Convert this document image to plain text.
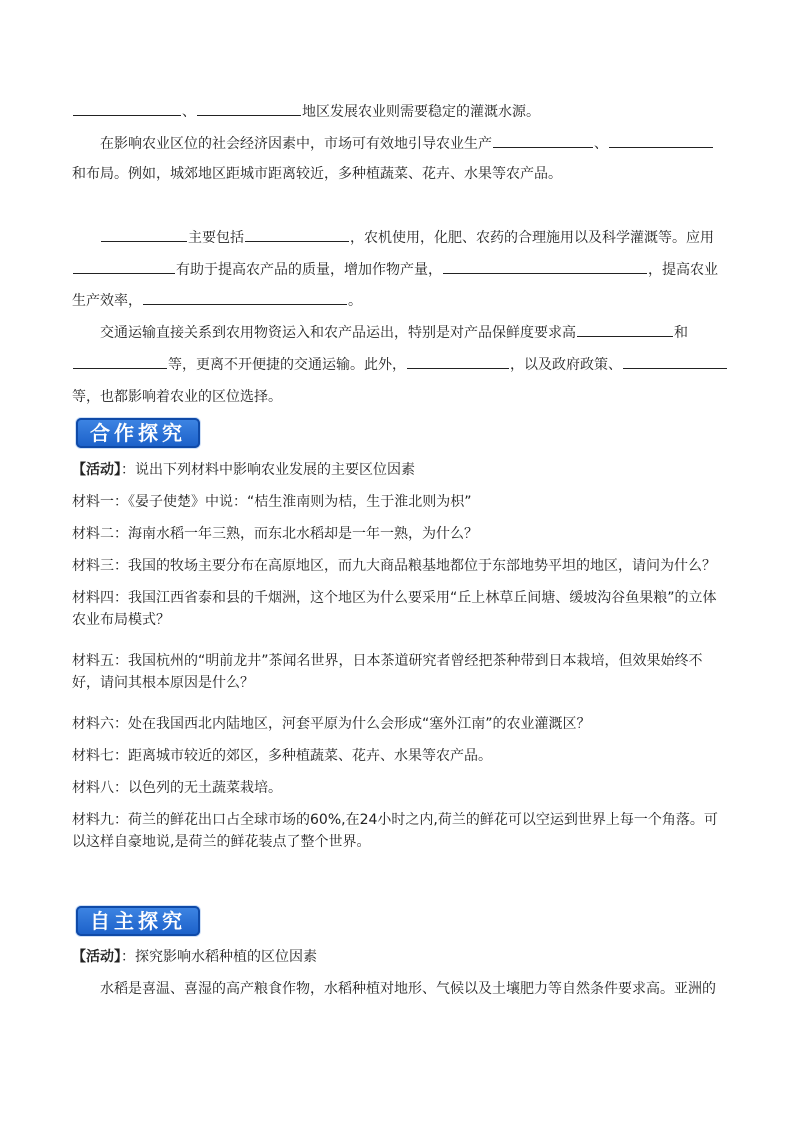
、	地区发展农业则需要稳定的灌溉水源。
在影响农业区位的社会经济因素中，市场可有效地引导农业生产	、
和布局。例如，城郊地区距城市距离较近，多种植蔬菜、花卉、水果等农产品。
主要包括	，农机使用，化肥、农药的合理施用以及科学灌溉等。应用
有助于提高农产品的质量，增加作物产量，	，提高农业
生产效率，	。
交通运输直接关系到农用物资运入和农产品运出，特别是对产品保鲜度要求高	和
等，更离不开便捷的交通运输。此外，	，以及政府政策、
等，也都影响着农业的区位选择。
合作探究
【活动】：说出下列材料中影响农业发展的主要区位因素
材料一：《晏子使楚》中说：“桔生淮南则为桔，生于淮北则为枳”
材料二：海南水稻一年三熟，而东北水稻却是一年一熟，为什么？
材料三：我国的牧场主要分布在高原地区，而九大商品粮基地都位于东部地势平坦的地区，请问为什么？
材料四：我国江西省泰和县的千烟洲，这个地区为什么要采用“丘上林草丘间塘、缓坡沟谷鱼果粮”的立体农业布局模式？
材料五：我国杭州的“明前龙井”茶闻名世界，日本茶道研究者曾经把茶种带到日本栽培，但效果始终不好，请问其根本原因是什么？
材料六：处在我国西北内陆地区，河套平原为什么会形成“塞外江南”的农业灌溉区？
材料七：距离城市较近的郊区，多种植蔬菜、花卉、水果等农产品。
材料八：以色列的无土蔬菜栽培。
材料九：荷兰的鲜花出口占全球市场的60%,在24小时之内,荷兰的鲜花可以空运到世界上每一个角落。可以这样自豪地说,是荷兰的鲜花装点了整个世界。
自主探究
【活动】：探究影响水稻种植的区位因素
水稻是喜温、喜湿的高产粮食作物，水稻种植对地形、气候以及土壤肥力等自然条件要求高。亚洲的
